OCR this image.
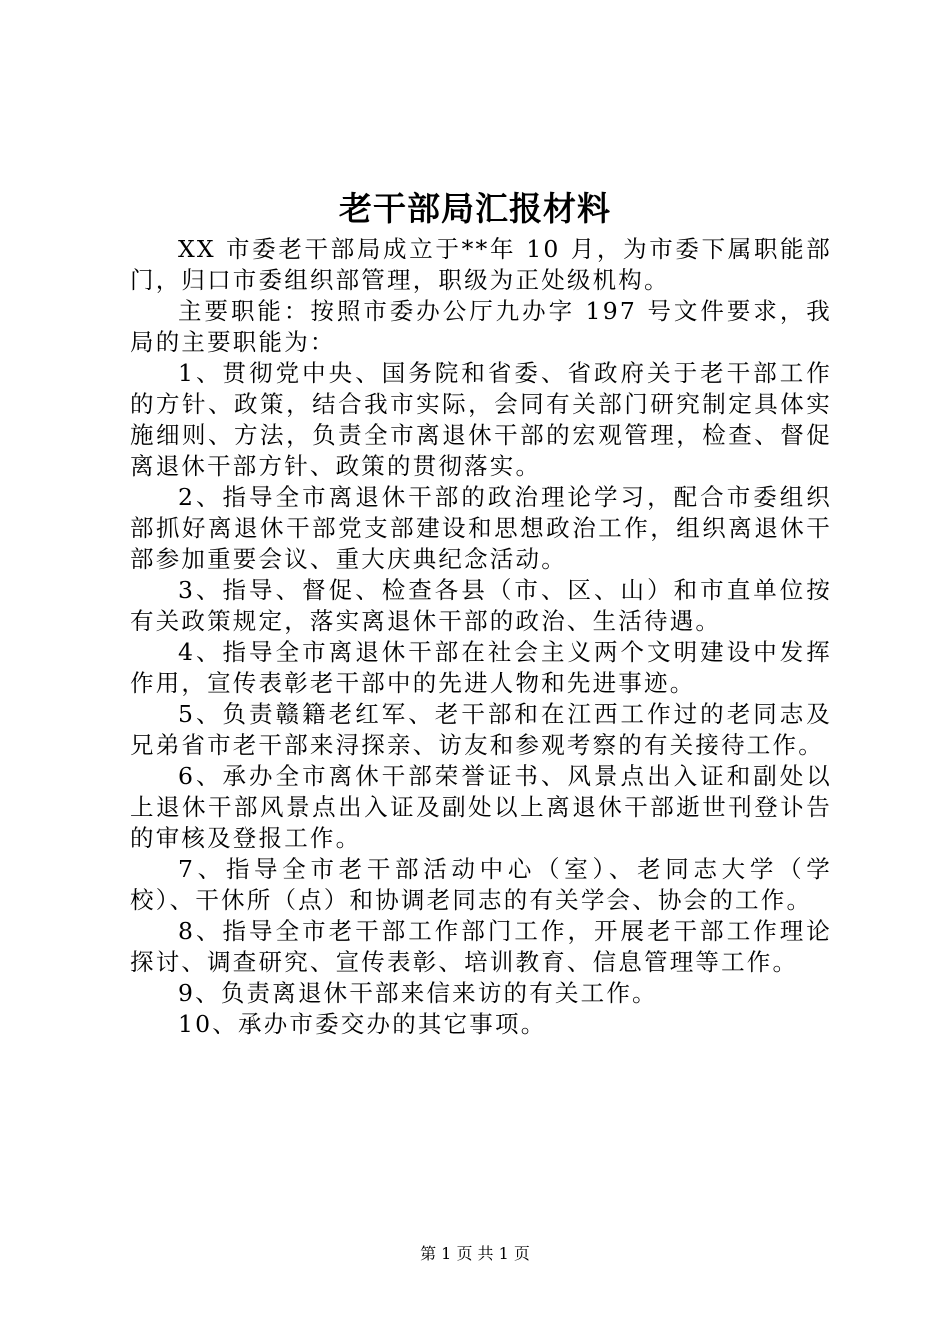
老干部局汇报材料

XX 市委老干部局成立于**年 10 月，为市委下属职能部门，归口市委组织部管理，职级为正处级机构。

主要职能：按照市委办公厅九办字 197 号文件要求，我局的主要职能为：

1、贯彻党中央、国务院和省委、省政府关于老干部工作的方针、政策，结合我市实际，会同有关部门研究制定具体实施细则、方法，负责全市离退休干部的宏观管理，检查、督促离退休干部方针、政策的贯彻落实。

2、指导全市离退休干部的政治理论学习，配合市委组织部抓好离退休干部党支部建设和思想政治工作，组织离退休干部参加重要会议、重大庆典纪念活动。

3、指导、督促、检查各县（市、区、山）和市直单位按有关政策规定，落实离退休干部的政治、生活待遇。

4、指导全市离退休干部在社会主义两个文明建设中发挥作用，宣传表彰老干部中的先进人物和先进事迹。

5、负责赣籍老红军、老干部和在江西工作过的老同志及兄弟省市老干部来浔探亲、访友和参观考察的有关接待工作。

6、承办全市离休干部荣誉证书、风景点出入证和副处以上退休干部风景点出入证及副处以上离退休干部逝世刊登讣告的审核及登报工作。

7、指导全市老干部活动中心（室）、老同志大学（学校）、干休所（点）和协调老同志的有关学会、协会的工作。

8、指导全市老干部工作部门工作，开展老干部工作理论探讨、调查研究、宣传表彰、培训教育、信息管理等工作。

9、负责离退休干部来信来访的有关工作。

10、承办市委交办的其它事项。

第 1 页 共 1 页
